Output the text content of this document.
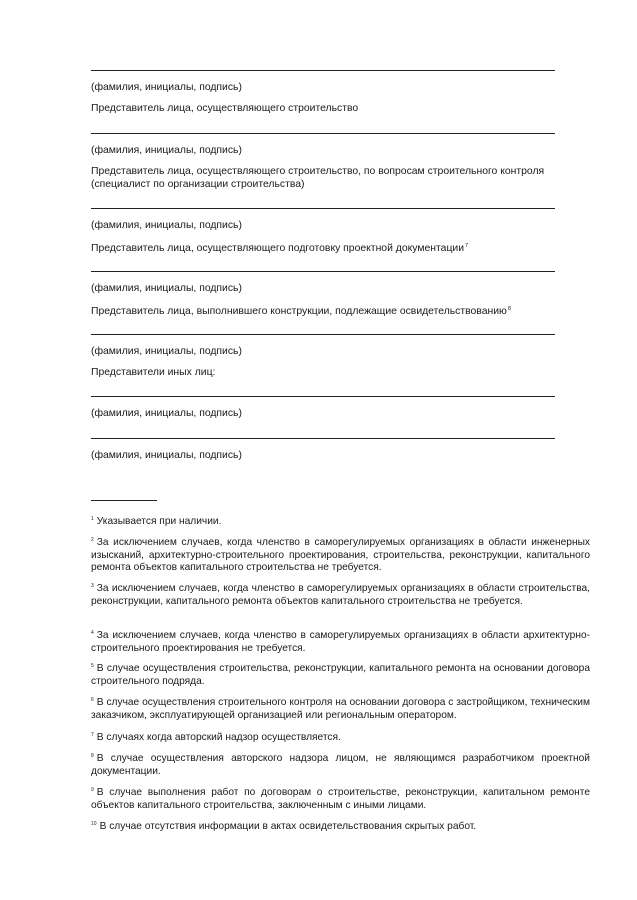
(фамилия, инициалы, подпись)
Представитель лица, осуществляющего строительство
(фамилия, инициалы, подпись)
Представитель лица, осуществляющего строительство, по вопросам строительного контроля
(специалист по организации строительства)
(фамилия, инициалы, подпись)
Представитель лица, осуществляющего подготовку проектной документации$^7$
(фамилия, инициалы, подпись)
Представитель лица, выполнившего конструкции, подлежащие освидетельствованию$^8$
(фамилия, инициалы, подпись)
Представители иных лиц:
(фамилия, инициалы, подпись)
(фамилия, инициалы, подпись)
$^1$ Указывается при наличии.
$^2$ За исключением случаев, когда членство в саморегулируемых организациях в области инженерных изысканий, архитектурно-строительного проектирования, строительства, реконструкции, капитального ремонта объектов капитального строительства не требуется.
$^3$ За исключением случаев, когда членство в саморегулируемых организациях в области строительства, реконструкции, капитального ремонта объектов капитального строительства не требуется.
$^4$ За исключением случаев, когда членство в саморегулируемых организациях в области архитектурно-строительного проектирования не требуется.
$^5$ В случае осуществления строительства, реконструкции, капитального ремонта на основании договора строительного подряда.
$^6$ В случае осуществления строительного контроля на основании договора с застройщиком, техническим заказчиком, эксплуатирующей организацией или региональным оператором.
$^7$ В случаях когда авторский надзор осуществляется.
$^8$ В случае осуществления авторского надзора лицом, не являющимся разработчиком проектной документации.
$^9$ В случае выполнения работ по договорам о строительстве, реконструкции, капитальном ремонте объектов капитального строительства, заключенным с иными лицами.
$^{10}$ В случае отсутствия информации в актах освидетельствования скрытых работ.
